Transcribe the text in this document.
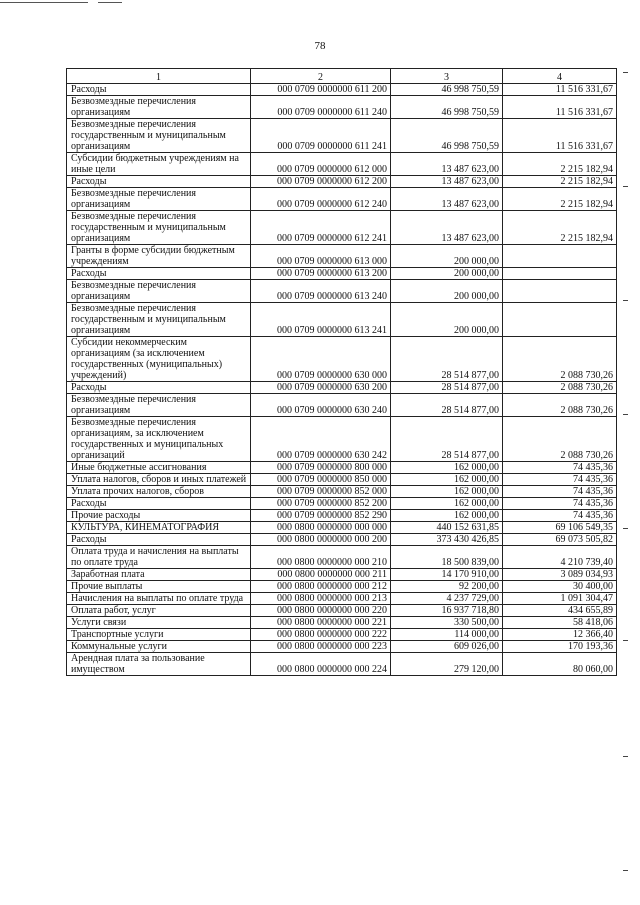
78
1	2	3	4
Расходы	000 0709 0000000 611 200	46 998 750,59	11 516 331,67
Безвозмездные перечисления организациям	000 0709 0000000 611 240	46 998 750,59	11 516 331,67
Безвозмездные перечисления государственным и муниципальным организациям	000 0709 0000000 611 241	46 998 750,59	11 516 331,67
Субсидии бюджетным учреждениям на иные цели	000 0709 0000000 612 000	13 487 623,00	2 215 182,94
Расходы	000 0709 0000000 612 200	13 487 623,00	2 215 182,94
Безвозмездные перечисления организациям	000 0709 0000000 612 240	13 487 623,00	2 215 182,94
Безвозмездные перечисления государственным и муниципальным организациям	000 0709 0000000 612 241	13 487 623,00	2 215 182,94
Гранты в форме субсидии бюджетным учреждениям	000 0709 0000000 613 000	200 000,00	
Расходы	000 0709 0000000 613 200	200 000,00	
Безвозмездные перечисления организациям	000 0709 0000000 613 240	200 000,00	
Безвозмездные перечисления государственным и муниципальным организациям	000 0709 0000000 613 241	200 000,00	
Субсидии некоммерческим организациям (за исключением государственных (муниципальных) учреждений)	000 0709 0000000 630 000	28 514 877,00	2 088 730,26
Расходы	000 0709 0000000 630 200	28 514 877,00	2 088 730,26
Безвозмездные перечисления организациям	000 0709 0000000 630 240	28 514 877,00	2 088 730,26
Безвозмездные перечисления организациям, за исключением государственных и муниципальных организаций	000 0709 0000000 630 242	28 514 877,00	2 088 730,26
Иные бюджетные ассигнования	000 0709 0000000 800 000	162 000,00	74 435,36
Уплата налогов, сборов и иных платежей	000 0709 0000000 850 000	162 000,00	74 435,36
Уплата прочих налогов, сборов	000 0709 0000000 852 000	162 000,00	74 435,36
Расходы	000 0709 0000000 852 200	162 000,00	74 435,36
Прочие расходы	000 0709 0000000 852 290	162 000,00	74 435,36
КУЛЬТУРА, КИНЕМАТОГРАФИЯ	000 0800 0000000 000 000	440 152 631,85	69 106 549,35
Расходы	000 0800 0000000 000 200	373 430 426,85	69 073 505,82
Оплата труда и начисления на выплаты по оплате труда	000 0800 0000000 000 210	18 500 839,00	4 210 739,40
Заработная плата	000 0800 0000000 000 211	14 170 910,00	3 089 034,93
Прочие выплаты	000 0800 0000000 000 212	92 200,00	30 400,00
Начисления на выплаты по оплате труда	000 0800 0000000 000 213	4 237 729,00	1 091 304,47
Оплата работ, услуг	000 0800 0000000 000 220	16 937 718,80	434 655,89
Услуги связи	000 0800 0000000 000 221	330 500,00	58 418,06
Транспортные услуги	000 0800 0000000 000 222	114 000,00	12 366,40
Коммунальные услуги	000 0800 0000000 000 223	609 026,00	170 193,36
Арендная плата за пользование имуществом	000 0800 0000000 000 224	279 120,00	80 060,00
